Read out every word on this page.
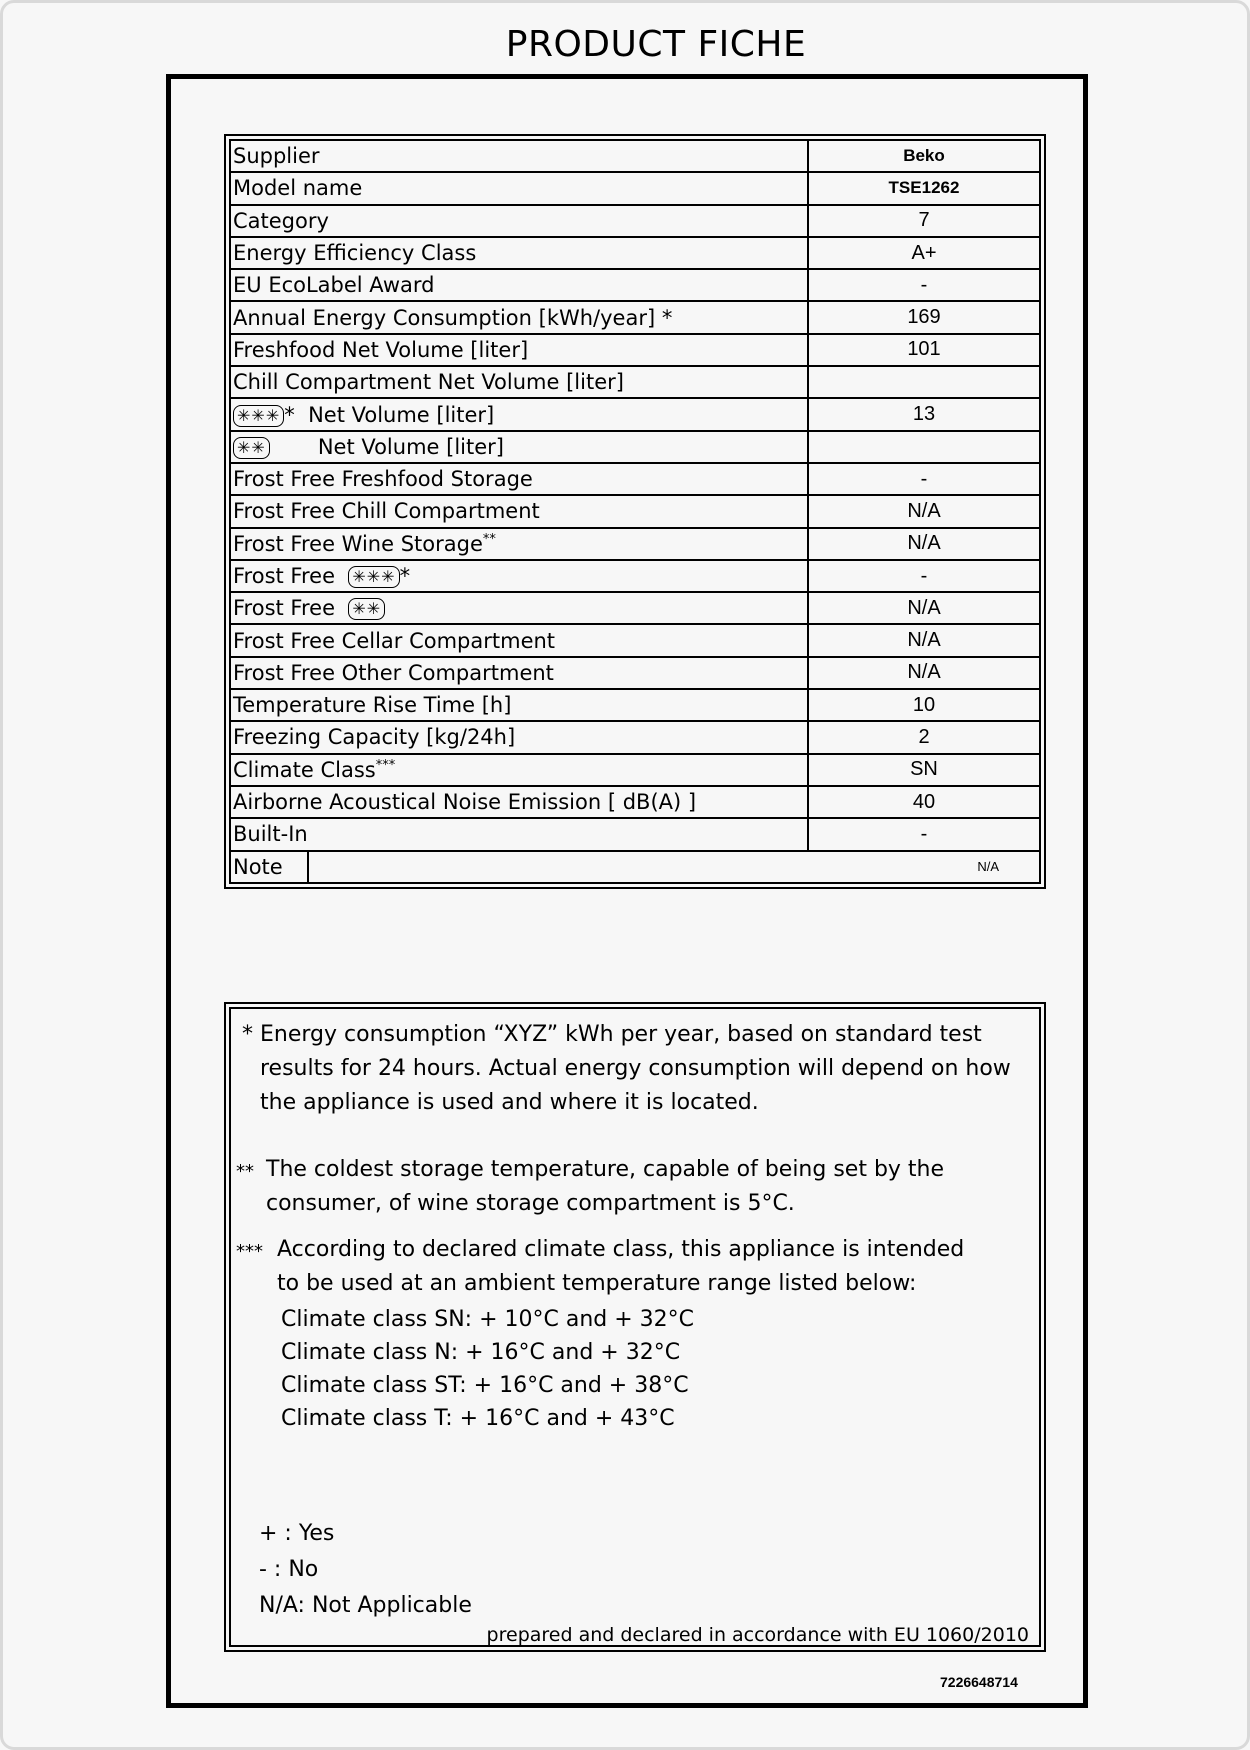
PRODUCT FICHE
Supplier	Beko
Model name	TSE1262
Category	7
Energy Efficiency Class	A+
EU EcoLabel Award	-
Annual Energy Consumption [kWh/year] *	169
Freshfood Net Volume [liter]	101
Chill Compartment Net Volume [liter]	
✳✳✳ * Net Volume [liter]	13
✳✳ Net Volume [liter]	
Frost Free Freshfood Storage	-
Frost Free Chill Compartment	N/A
Frost Free Wine Storage**	N/A
Frost Free ✳✳✳ *	-
Frost Free ✳✳	N/A
Frost Free Cellar Compartment	N/A
Frost Free Other Compartment	N/A
Temperature Rise Time [h]	10
Freezing Capacity [kg/24h]	2
Climate Class***	SN
Airborne Acoustical Noise Emission [ dB(A) ]	40
Built-In	-
Note	N/A

* Energy consumption “XYZ” kWh per year, based on standard test

results for 24 hours. Actual energy consumption will depend on how

the appliance is used and where it is located.

** The coldest storage temperature, capable of being set by the

consumer, of wine storage compartment is 5°C.

*** According to declared climate class, this appliance is intended

to be used at an ambient temperature range listed below:

Climate class SN: + 10°C and + 32°C

Climate class N: + 16°C and + 32°C

Climate class ST: + 16°C and + 38°C

Climate class T: + 16°C and + 43°C

+ : Yes

- : No

N/A: Not Applicable

prepared and declared in accordance with EU 1060/2010

7226648714
